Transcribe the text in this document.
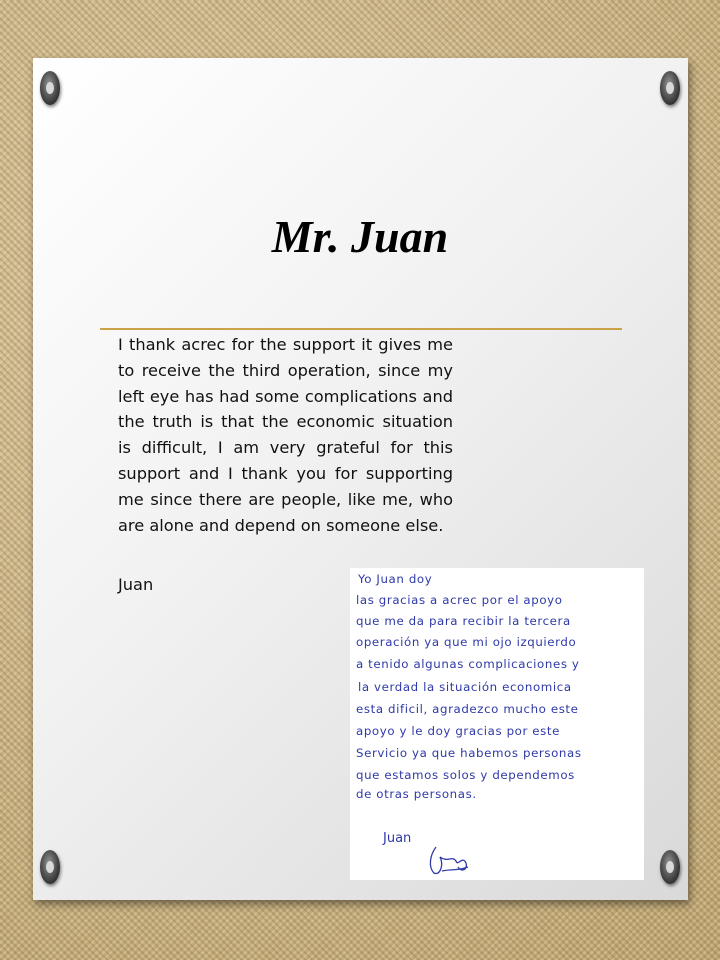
Mr. Juan

I thank acrec for the support it gives me to receive the third operation, since my left eye has had some complications and the truth is that the economic situation is difficult, I am very grateful for this support and I thank you for supporting me since there are people, like me, who are alone and depend on someone else.

Juan	Yo Juan doy
las gracias a acrec por el apoyo
que me da para recibir la tercera
operación ya que mi ojo izquierdo
a tenido algunas complicaciones y
la verdad la situación economica
esta dificil, agradezco mucho este
apoyo y le doy gracias por este
Servicio ya que habemos personas
que estamos solos y dependemos
de otras personas.
Juan
